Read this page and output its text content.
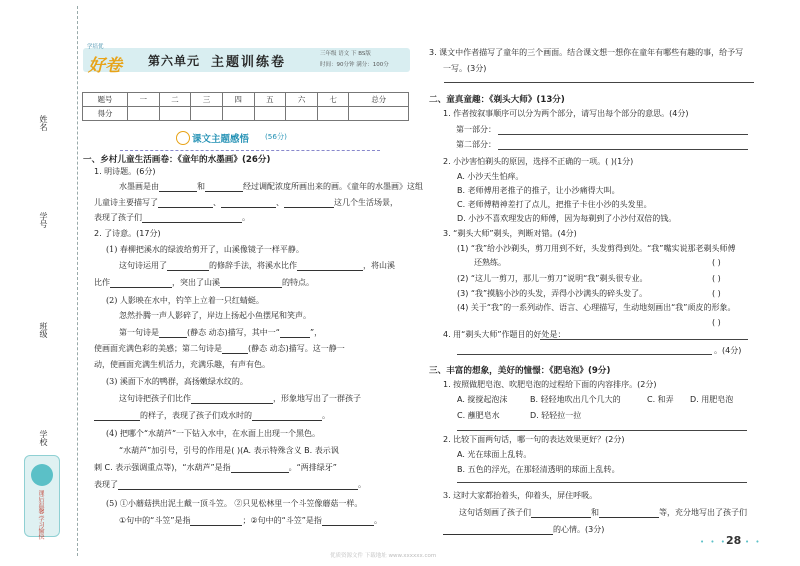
姓名
学号
班级
学校
课后温馨 学习愉快
学培优
好卷 第六单元 主题训练卷
三年级 语文 下 BS版
时间：90分钟 满分：100分
题号	一	二	三	四	五	六	七	总分
得分								
课文主题感悟 (56分)
一、乡村儿童生活画卷：《童年的水墨画》(26分)
1. 明诗题。(6分)
水墨画是由	和	经过调配浓度所画出来的画。《童年的水墨画》这组
儿童诗主要描写了	、	、	这几个生活场景，
表现了孩子们	。
2. 了诗意。(17分)
(1) 春柳把溪水的绿波给剪开了，山溪像镜子一样平静。
这句诗运用了	的修辞手法，将溪水比作	，将山溪
比作	，突出了山溪	的特点。
(2) 人影映在水中，钓竿上立着一只红蜻蜓。
忽然扑腾一声人影碎了，岸边上扬起小鱼摆尾和笑声。
第一句诗是	(静态 动态)描写，其中一“	”，
使画面充满色彩的美感；第二句诗是	(静态 动态)描写。这一静一
动，使画面充满生机活力，充满乐趣，有声有色。
(3) 溪面下水的鸭群，高扬嫩绿水纹的。
这句诗把孩子们比作	，形象地写出了一群孩子
的样子，表现了孩子们戏水时的	。
(4) 把哪个“水葫芦”一下钻入水中，在水面上出现一个黑色。
“水葫芦”加引号，引号的作用是( )(A. 表示特殊含义 B. 表示讽
刺 C. 表示强调重点等)，“水葫芦”是指	。“两排绿牙”
表现了	。
(5) ①小蘑菇拱出泥土戴一顶斗笠。 ②只见松林里一个斗笠像蘑菇一样。
①句中的“斗笠”是指	；②句中的“斗笠”是指	。
3. 课文中作者描写了童年的三个画面。结合课文想一想你在童年有哪些有趣的事，给予写
一写。(3分)
二、童真童趣：《剃头大师》(13分)
1. 作者按叙事顺序可以分为两个部分，请写出每个部分的意思。(4分)
第一部分：
第二部分：
2. 小沙害怕剃头的原因，选择不正确的一项。( )(1分)
A. 小沙天生怕痒。
B. 老师傅用老推子的推子，让小沙痛得大叫。
C. 老师傅精神差打了点儿，把推子卡住小沙的头发里。
D. 小沙不喜欢理发店的师傅，因为每剃到了小沙付双倍的钱。
3. “剃头大师”剃头，判断对错。(4分)
(1) “我”给小沙剃头，剪刀用到不好，头发剪得到处。“我”嘴实说那老剃头师傅
还熟练。	( )
(2) “这儿一剪刀，那儿一剪刀”说明“我”剃头很专业。	( )
(3) “我”摸脑小沙的头发，弄得小沙满头的碎头发了。	( )
(4) 关于“我”的一系列动作、语言、心理描写，生动地刻画出“我”顽皮的形象。
( )
4. 用“剃头大师”作题目的好处是：
。(4分)
三、丰富的想象，美好的憧憬：《肥皂泡》(9分)
1. 按照做肥皂泡、吹肥皂泡的过程给下面的内容排序。(2分)
A. 搅搅起泡沫	B. 轻轻地吹出几个几大的	C. 和弄 D. 用肥皂泡
C. 蘸肥皂水	D. 轻轻拉一拉
2. 比较下面两句话，哪一句的表达效果更好？(2分)
A. 光在球面上乱转。
B. 五色的浮光，在那轻清透明的球面上乱转。
3. 这时大家都抬着头，仰着头，屏住呼吸。
这句话刻画了孩子们	和	等，充分地写出了孩子们
的心情。(3分)
• • • 28 • •
优质资源文件 下载地址 www.xxxxxx.com
